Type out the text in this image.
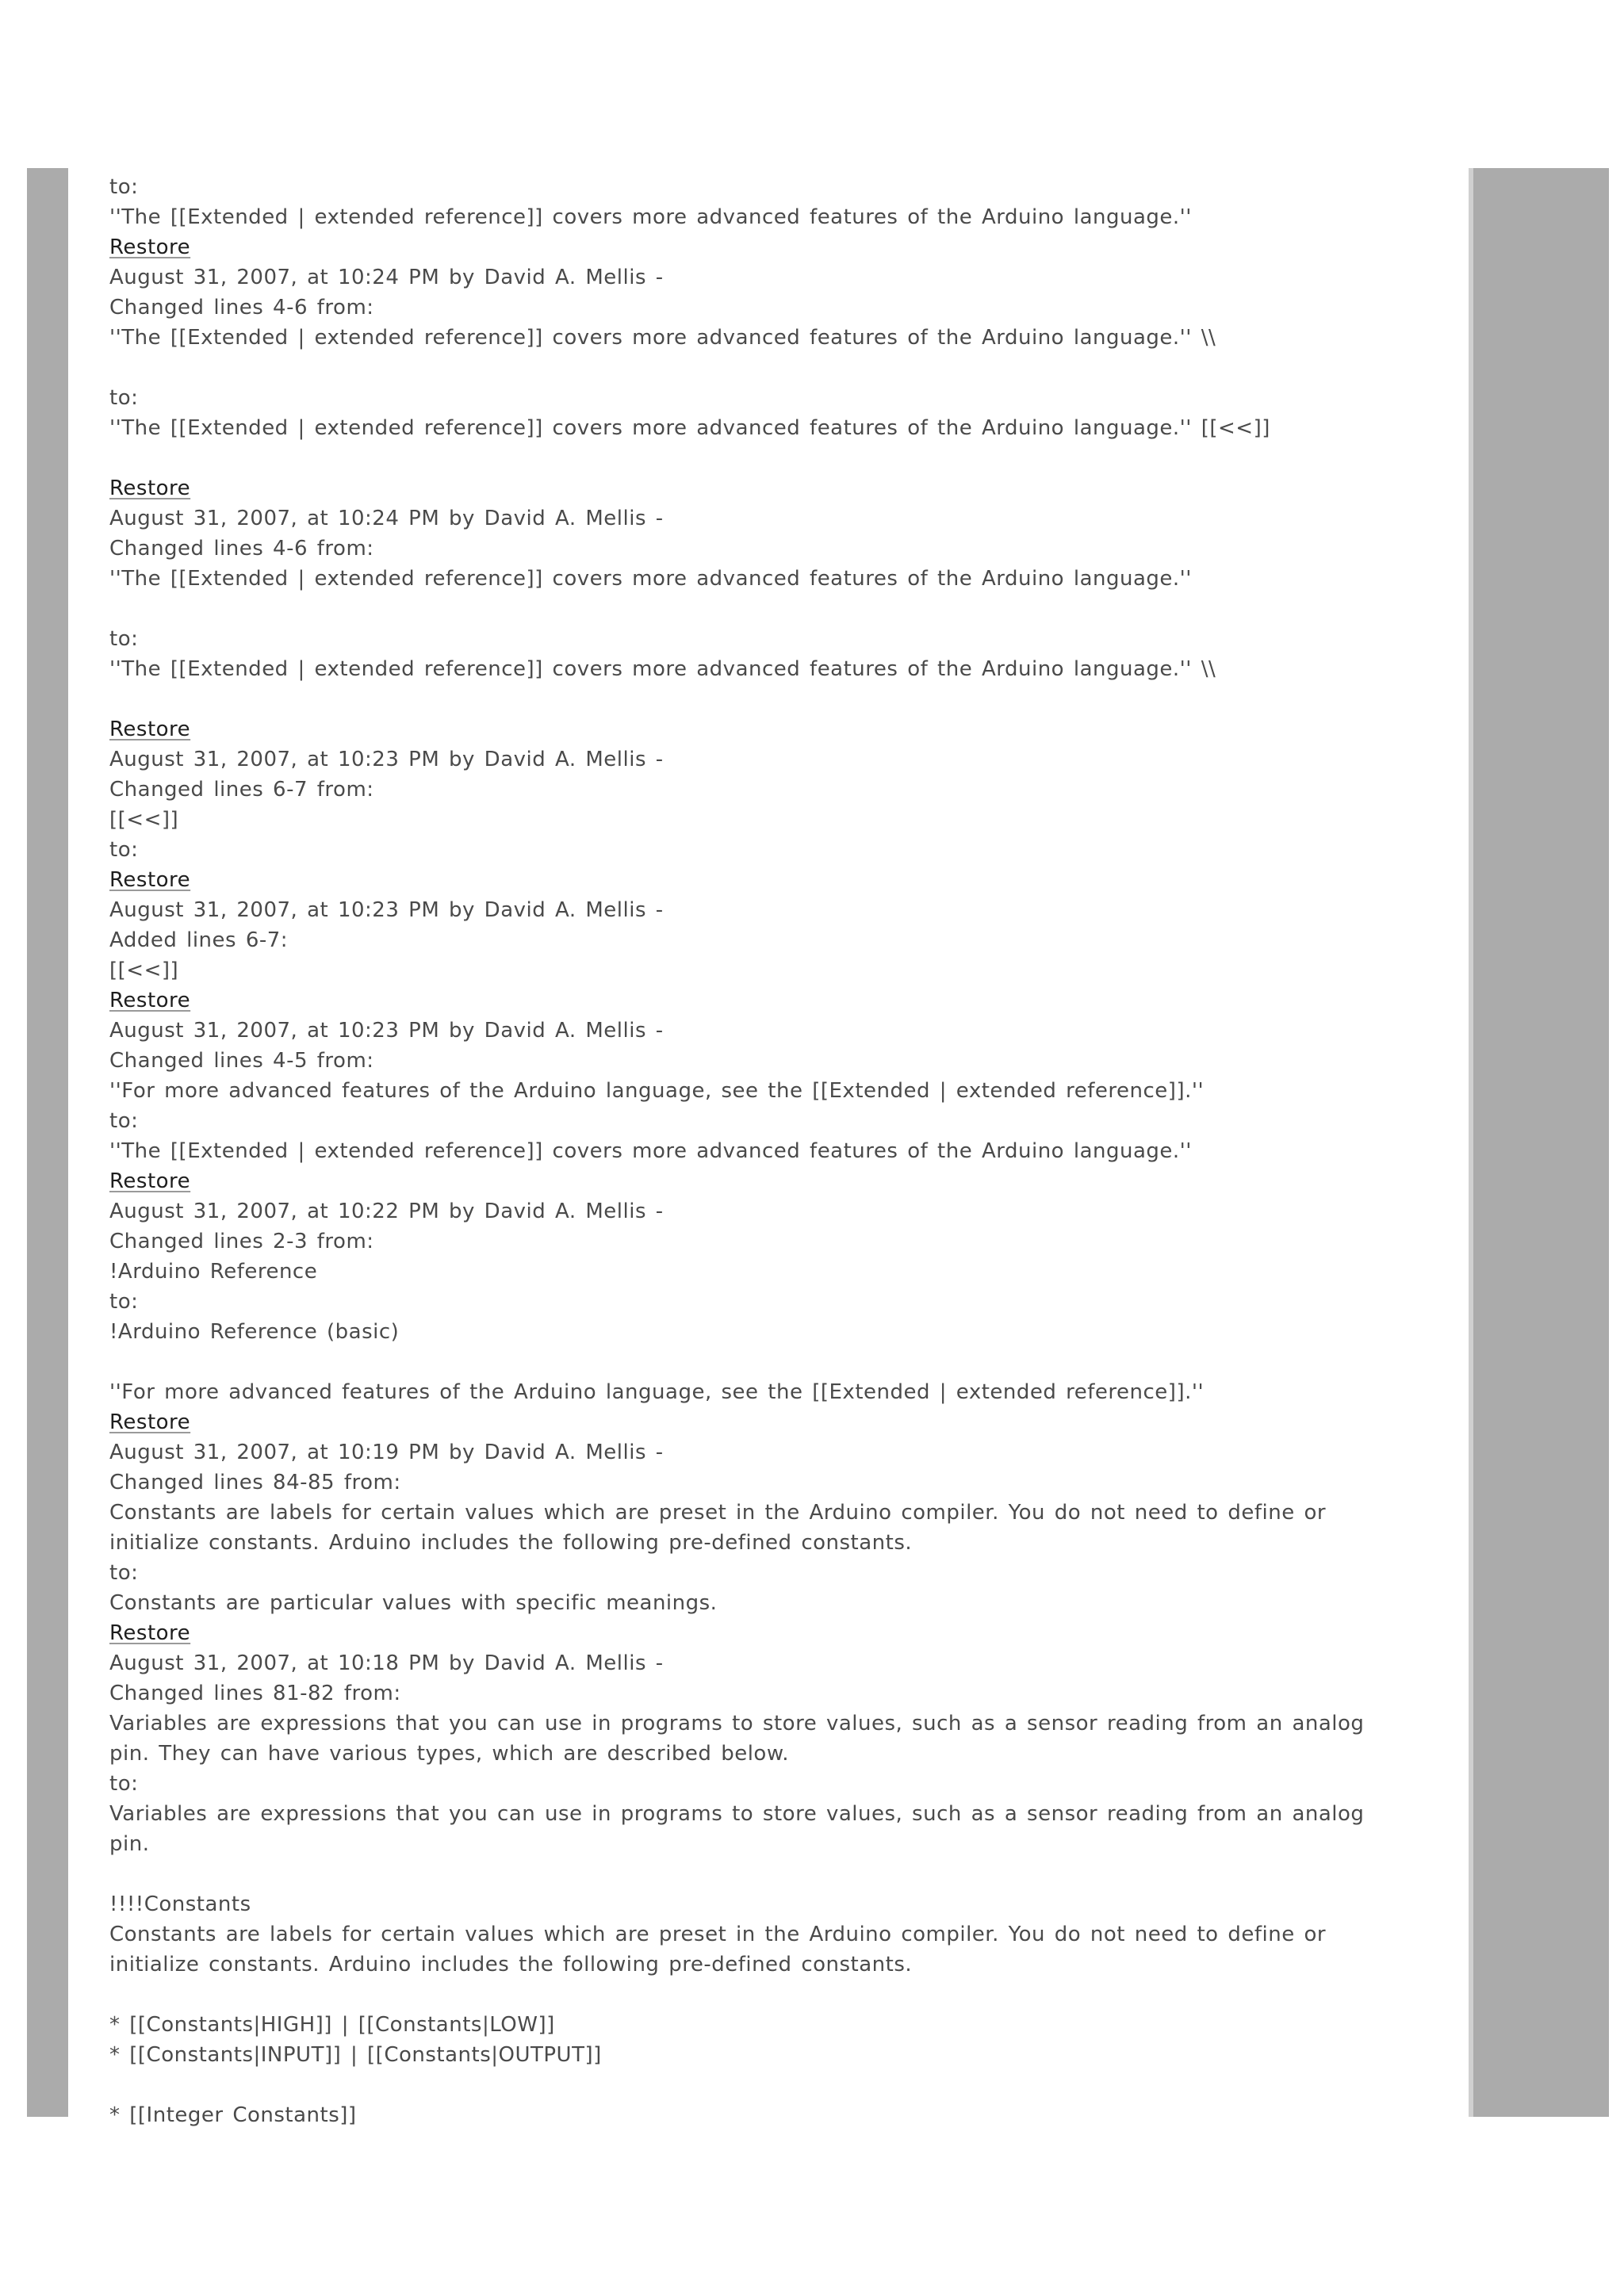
to:
''The [[Extended | extended reference]] covers more advanced features of the Arduino language.''
Restore
August 31, 2007, at 10:24 PM by David A. Mellis -
Changed lines 4-6 from:
''The [[Extended | extended reference]] covers more advanced features of the Arduino language.'' \\
to:
''The [[Extended | extended reference]] covers more advanced features of the Arduino language.'' [[<<]]
Restore
August 31, 2007, at 10:24 PM by David A. Mellis -
Changed lines 4-6 from:
''The [[Extended | extended reference]] covers more advanced features of the Arduino language.''
to:
''The [[Extended | extended reference]] covers more advanced features of the Arduino language.'' \\
Restore
August 31, 2007, at 10:23 PM by David A. Mellis -
Changed lines 6-7 from:
[[<<]]
to:
Restore
August 31, 2007, at 10:23 PM by David A. Mellis -
Added lines 6-7:
[[<<]]
Restore
August 31, 2007, at 10:23 PM by David A. Mellis -
Changed lines 4-5 from:
''For more advanced features of the Arduino language, see the [[Extended | extended reference]].''
to:
''The [[Extended | extended reference]] covers more advanced features of the Arduino language.''
Restore
August 31, 2007, at 10:22 PM by David A. Mellis -
Changed lines 2-3 from:
!Arduino Reference
to:
!Arduino Reference (basic)
''For more advanced features of the Arduino language, see the [[Extended | extended reference]].''
Restore
August 31, 2007, at 10:19 PM by David A. Mellis -
Changed lines 84-85 from:
Constants are labels for certain values which are preset in the Arduino compiler. You do not need to define or initialize constants. Arduino includes the following pre-defined constants.
to:
Constants are particular values with specific meanings.
Restore
August 31, 2007, at 10:18 PM by David A. Mellis -
Changed lines 81-82 from:
Variables are expressions that you can use in programs to store values, such as a sensor reading from an analog pin. They can have various types, which are described below.
to:
Variables are expressions that you can use in programs to store values, such as a sensor reading from an analog pin.
!!!!Constants
Constants are labels for certain values which are preset in the Arduino compiler. You do not need to define or initialize constants. Arduino includes the following pre-defined constants.
* [[Constants|HIGH]] | [[Constants|LOW]]
* [[Constants|INPUT]] | [[Constants|OUTPUT]]
* [[Integer Constants]]
